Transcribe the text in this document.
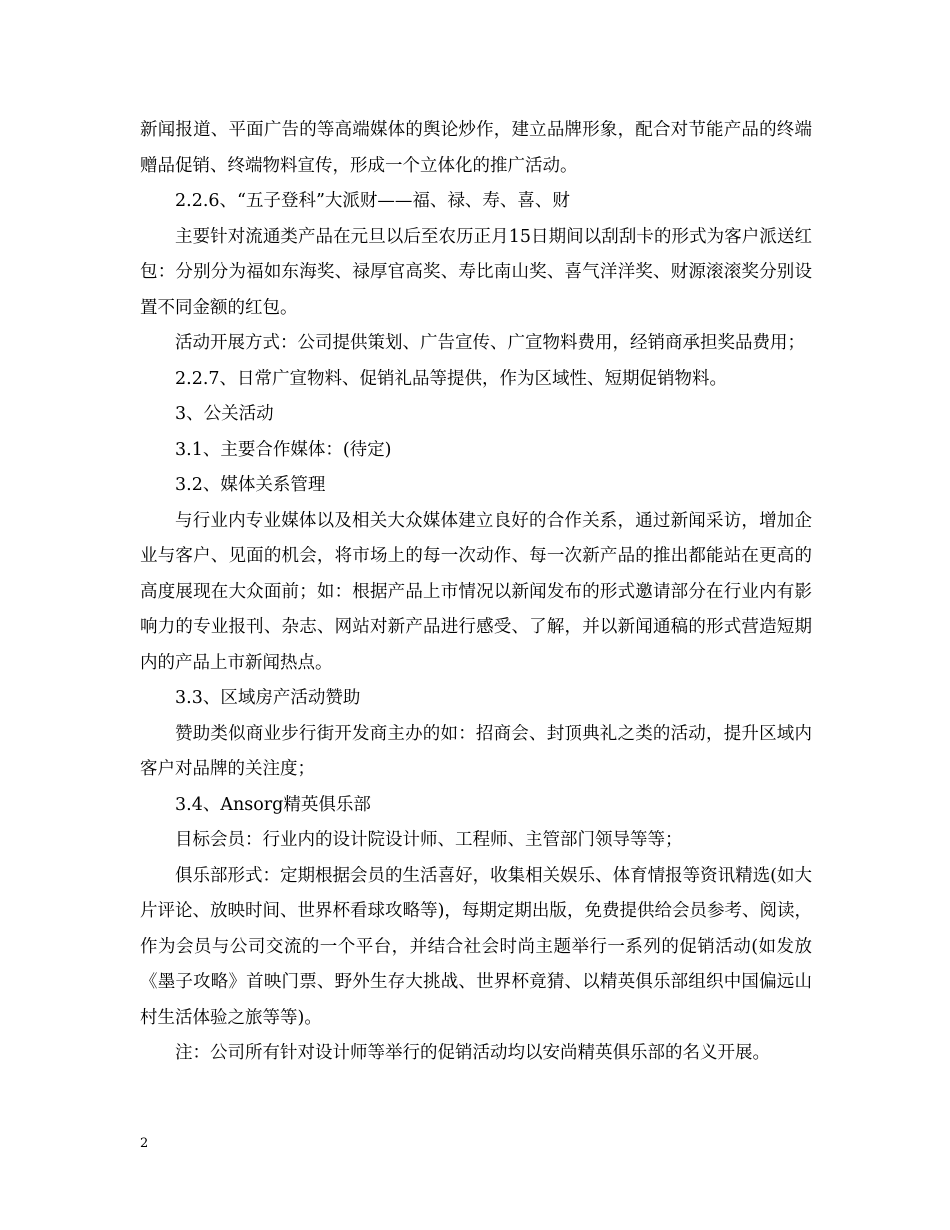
新闻报道、平面广告的等高端媒体的舆论炒作，建立品牌形象，配合对节能产品的终端赠品促销、终端物料宣传，形成一个立体化的推广活动。

2.2.6、“五子登科”大派财——福、禄、寿、喜、财

主要针对流通类产品在元旦以后至农历正月15日期间以刮刮卡的形式为客户派送红包：分别分为福如东海奖、禄厚官高奖、寿比南山奖、喜气洋洋奖、财源滚滚奖分别设置不同金额的红包。

活动开展方式：公司提供策划、广告宣传、广宣物料费用，经销商承担奖品费用；

2.2.7、日常广宣物料、促销礼品等提供，作为区域性、短期促销物料。

3、公关活动

3.1、主要合作媒体：(待定)

3.2、媒体关系管理

与行业内专业媒体以及相关大众媒体建立良好的合作关系，通过新闻采访，增加企业与客户、见面的机会，将市场上的每一次动作、每一次新产品的推出都能站在更高的高度展现在大众面前；如：根据产品上市情况以新闻发布的形式邀请部分在行业内有影响力的专业报刊、杂志、网站对新产品进行感受、了解，并以新闻通稿的形式营造短期内的产品上市新闻热点。

3.3、区域房产活动赞助

赞助类似商业步行街开发商主办的如：招商会、封顶典礼之类的活动，提升区域内客户对品牌的关注度；

3.4、Ansorg精英俱乐部

目标会员：行业内的设计院设计师、工程师、主管部门领导等等；

俱乐部形式：定期根据会员的生活喜好，收集相关娱乐、体育情报等资讯精选(如大片评论、放映时间、世界杯看球攻略等)，每期定期出版，免费提供给会员参考、阅读，作为会员与公司交流的一个平台，并结合社会时尚主题举行一系列的促销活动(如发放《墨子攻略》首映门票、野外生存大挑战、世界杯竟猜、以精英俱乐部组织中国偏远山村生活体验之旅等等)。

注：公司所有针对设计师等举行的促销活动均以安尚精英俱乐部的名义开展。

2
